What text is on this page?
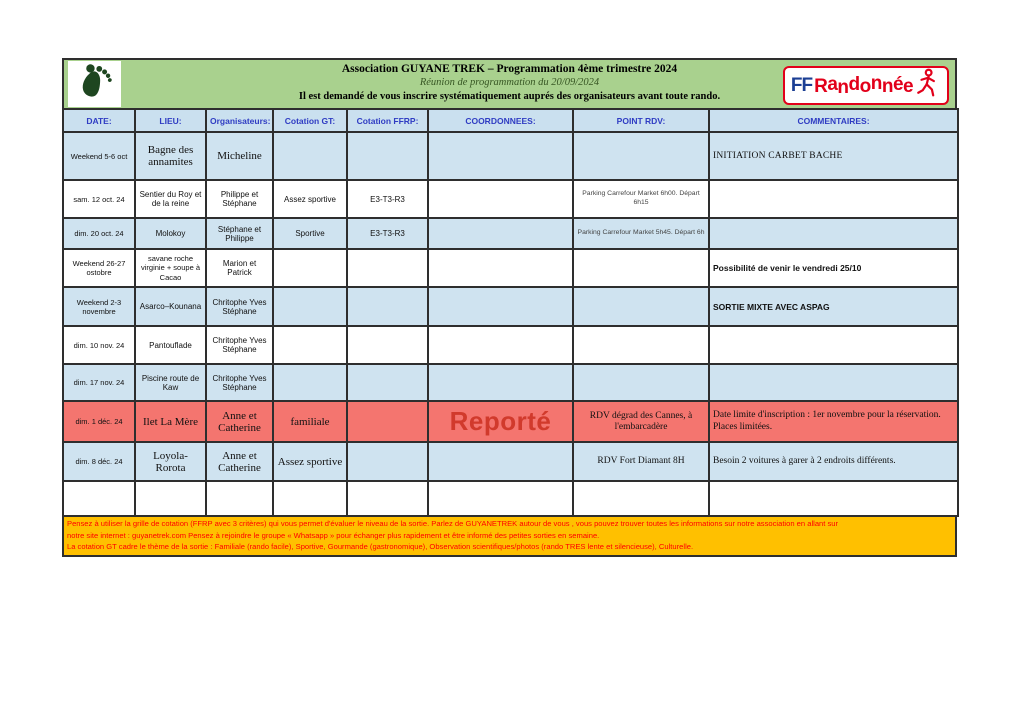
Association GUYANE TREK – Programmation 4ème trimestre 2024
Réunion de programmation du 20/09/2024
Il est demandé de vous inscrire systématiquement auprés des organisateurs avant toute rando.
FF Randonnée
DATE:	LIEU:	Organisateurs:	Cotation GT:	Cotation FFRP:	COORDONNEES:	POINT RDV:	COMMENTAIRES:
Weekend 5-6 oct	Bagne des annamites	Micheline					INITIATION CARBET BACHE
sam. 12 oct. 24	Sentier du Roy et de la reine	Philippe et Stéphane	Assez sportive	E3-T3-R3		Parking Carrefour Market 6h00. Départ 6h15	
dim. 20 oct. 24	Molokoy	Stéphane et Philippe	Sportive	E3-T3-R3		Parking Carrefour Market 5h45. Départ 6h	
Weekend 26-27 ostobre	savane roche virginie + soupe à Cacao	Marion et Patrick					Possibilité de venir le vendredi 25/10
Weekend 2-3 novembre	Asarco–Kounana	Chritophe Yves Stéphane					SORTIE MIXTE AVEC ASPAG
dim. 10 nov. 24	Pantouflade	Chritophe Yves Stéphane					
dim. 17 nov. 24	Piscine route de Kaw	Chritophe Yves Stéphane					
dim. 1 déc. 24	Ilet La Mère	Anne et Catherine	familiale		Reporté	RDV dégrad des Cannes, à l'embarcadère	Date limite d'inscription : 1er novembre pour la réservation. Places limitées.
dim. 8 déc. 24	Loyola-Rorota	Anne et Catherine	Assez sportive			RDV Fort Diamant 8H	Besoin 2 voitures à garer à 2 endroits différents.

Pensez à utiliser la grille de cotation (FFRP avec 3 critères) qui vous permet d'évaluer le niveau de la sortie. Parlez de GUYANETREK autour de vous , vous pouvez trouver toutes les informations sur notre association en allant sur
notre site internet : guyanetrek.com Pensez à rejoindre le groupe « Whatsapp » pour échanger plus rapidement et être informé des petites sorties en semaine.
La cotation GT cadre le thème de la sortie : Familiale (rando facile), Sportive, Gourmande (gastronomique), Observation scientifiques/photos (rando TRES lente et silencieuse), Culturelle.
